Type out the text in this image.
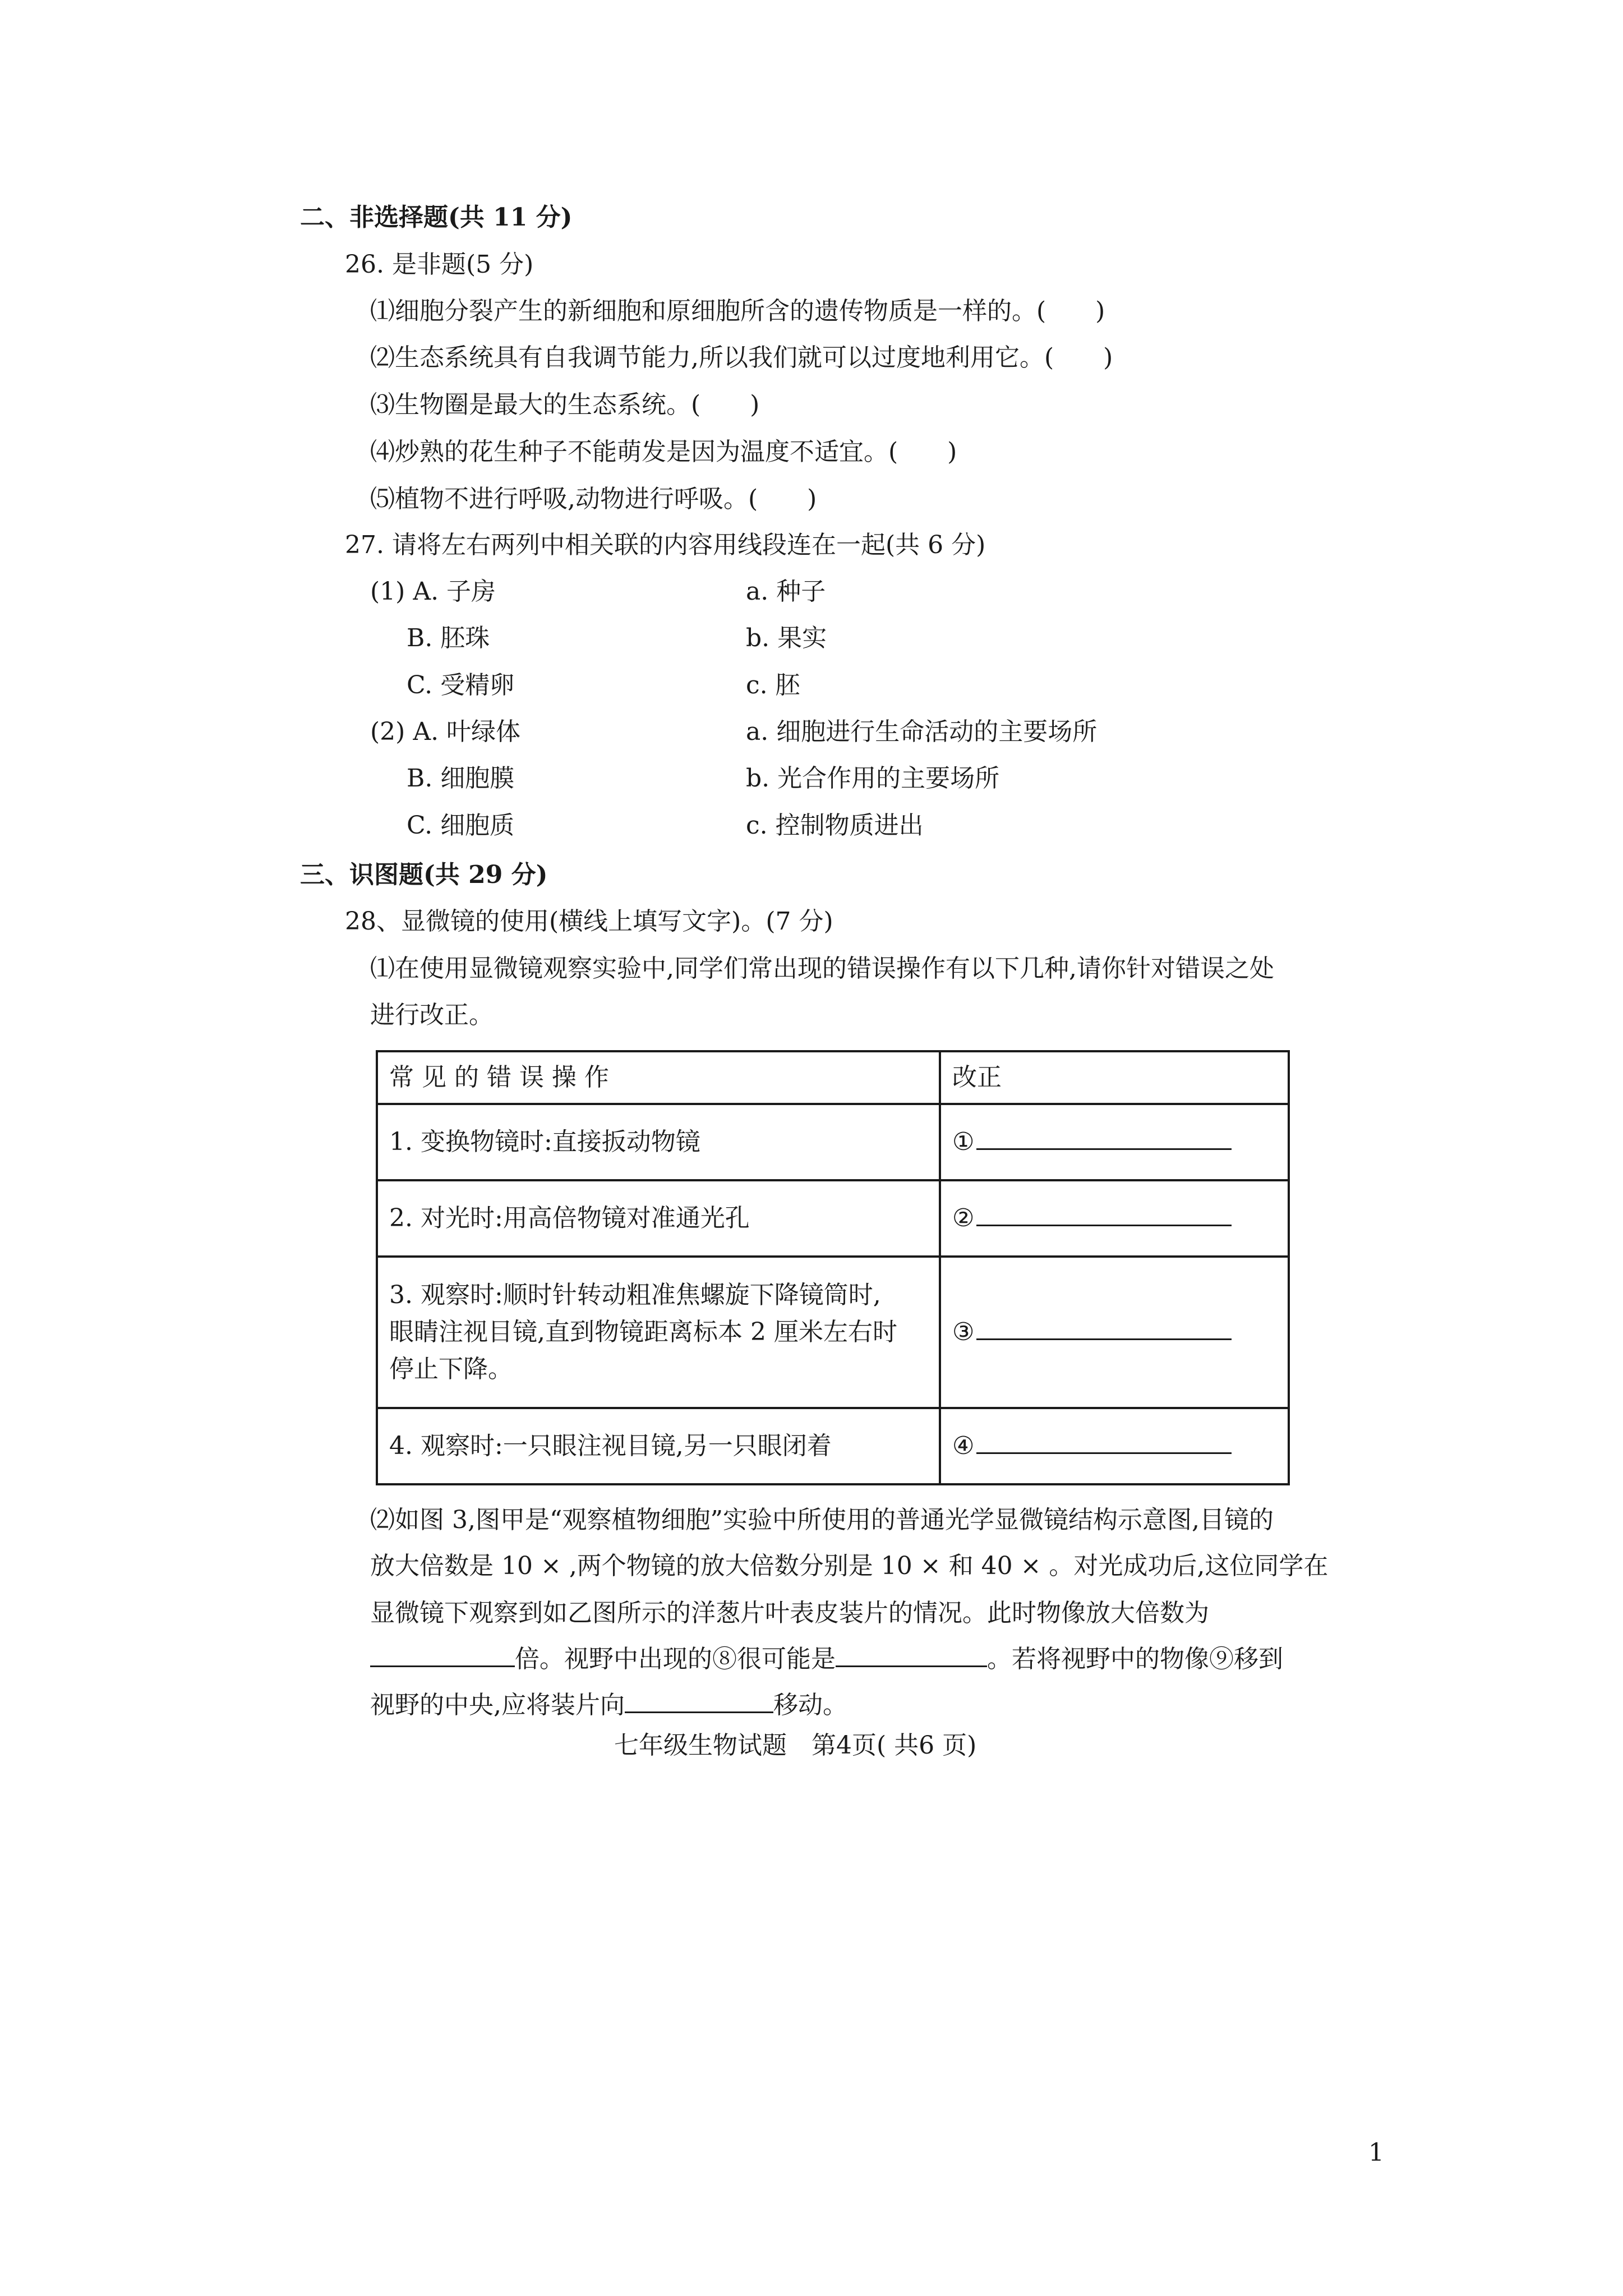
二、非选择题(共 11 分)
26. 是非题(5 分)
⑴细胞分裂产生的新细胞和原细胞所含的遗传物质是一样的。(　　)
⑵生态系统具有自我调节能力,所以我们就可以过度地利用它。(　　)
⑶生物圈是最大的生态系统。(　　)
⑷炒熟的花生种子不能萌发是因为温度不适宜。(　　)
⑸植物不进行呼吸,动物进行呼吸。(　　)
27. 请将左右两列中相关联的内容用线段连在一起(共 6 分)
(1) A. 子房	a. 种子
B. 胚珠	b. 果实
C. 受精卵	c. 胚
(2) A. 叶绿体	a. 细胞进行生命活动的主要场所
B. 细胞膜	b. 光合作用的主要场所
C. 细胞质	c. 控制物质进出
三、识图题(共 29 分)
28、显微镜的使用(横线上填写文字)。(7 分)
⑴在使用显微镜观察实验中,同学们常出现的错误操作有以下几种,请你针对错误之处
进行改正。
常 见 的 错 误 操 作	改正
1. 变换物镜时:直接扳动物镜	①
2. 对光时:用高倍物镜对准通光孔	②

3. 观察时:顺时针转动粗准焦螺旋下降镜筒时,
眼睛注视目镜,直到物镜距离标本 2 厘米左右时
停止下降。	③
4. 观察时:一只眼注视目镜,另一只眼闭着	④
⑵如图 3,图甲是“观察植物细胞”实验中所使用的普通光学显微镜结构示意图,目镜的
放大倍数是 10 × ,两个物镜的放大倍数分别是 10 × 和 40 × 。对光成功后,这位同学在
显微镜下观察到如乙图所示的洋葱片叶表皮装片的情况。此时物像放大倍数为
倍。视野中出现的⑧很可能是	。若将视野中的物像⑨移到
视野的中央,应将装片向	移动。
七年级生物试题　第4页( 共6 页)
1
